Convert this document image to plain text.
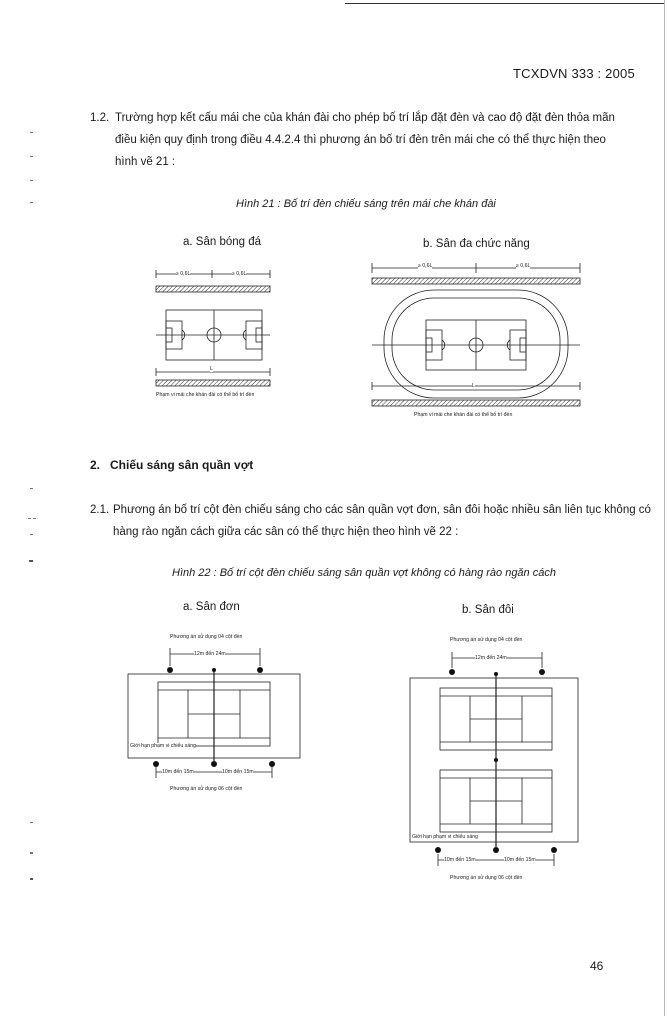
TCXDVN 333 : 2005
1.2. Trường hợp kết cấu mái che của khán đài cho phép bố trí lắp đặt đèn và cao độ đặt đèn thỏa mãn
điều kiện quy định trong điều 4.4.2.4 thì phương án bố trí đèn trên mái che có thể thực hiện theo
hình vẽ 21 :
Hình 21 : Bố trí đèn chiếu sáng trên mái che khán đài
a. Sân bóng đá
≥ 0,6L	≥ 0,6L
L
Phạm vi mái che khán đài có thể bố trí đèn
b. Sân đa chức năng
≥ 0,6L	≥ 0,6L
L
Phạm vi mái che khán đài có thể bố trí đèn
2. Chiếu sáng sân quần vợt
2.1. Phương án bố trí cột đèn chiếu sáng cho các sân quần vợt đơn, sân đôi hoặc nhiều sân liên tục không có
hàng rào ngăn cách giữa các sân có thể thực hiện theo hình vẽ 22 :
Hình 22 : Bố trí cột đèn chiếu sáng sân quần vợt không có hàng rào ngăn cách
a. Sân đơn
Phương án sử dụng 04 cột đèn
12m đến 24m
Giới hạn phạm vi chiếu sáng
10m đến 15m	10m đến 15m
Phương án sử dụng 06 cột đèn
b. Sân đôi
Phương án sử dụng 04 cột đèn
12m đến 24m
Giới hạn phạm vi chiếu sáng
10m đến 15m	10m đến 15m
Phương án sử dụng 06 cột đèn
46
